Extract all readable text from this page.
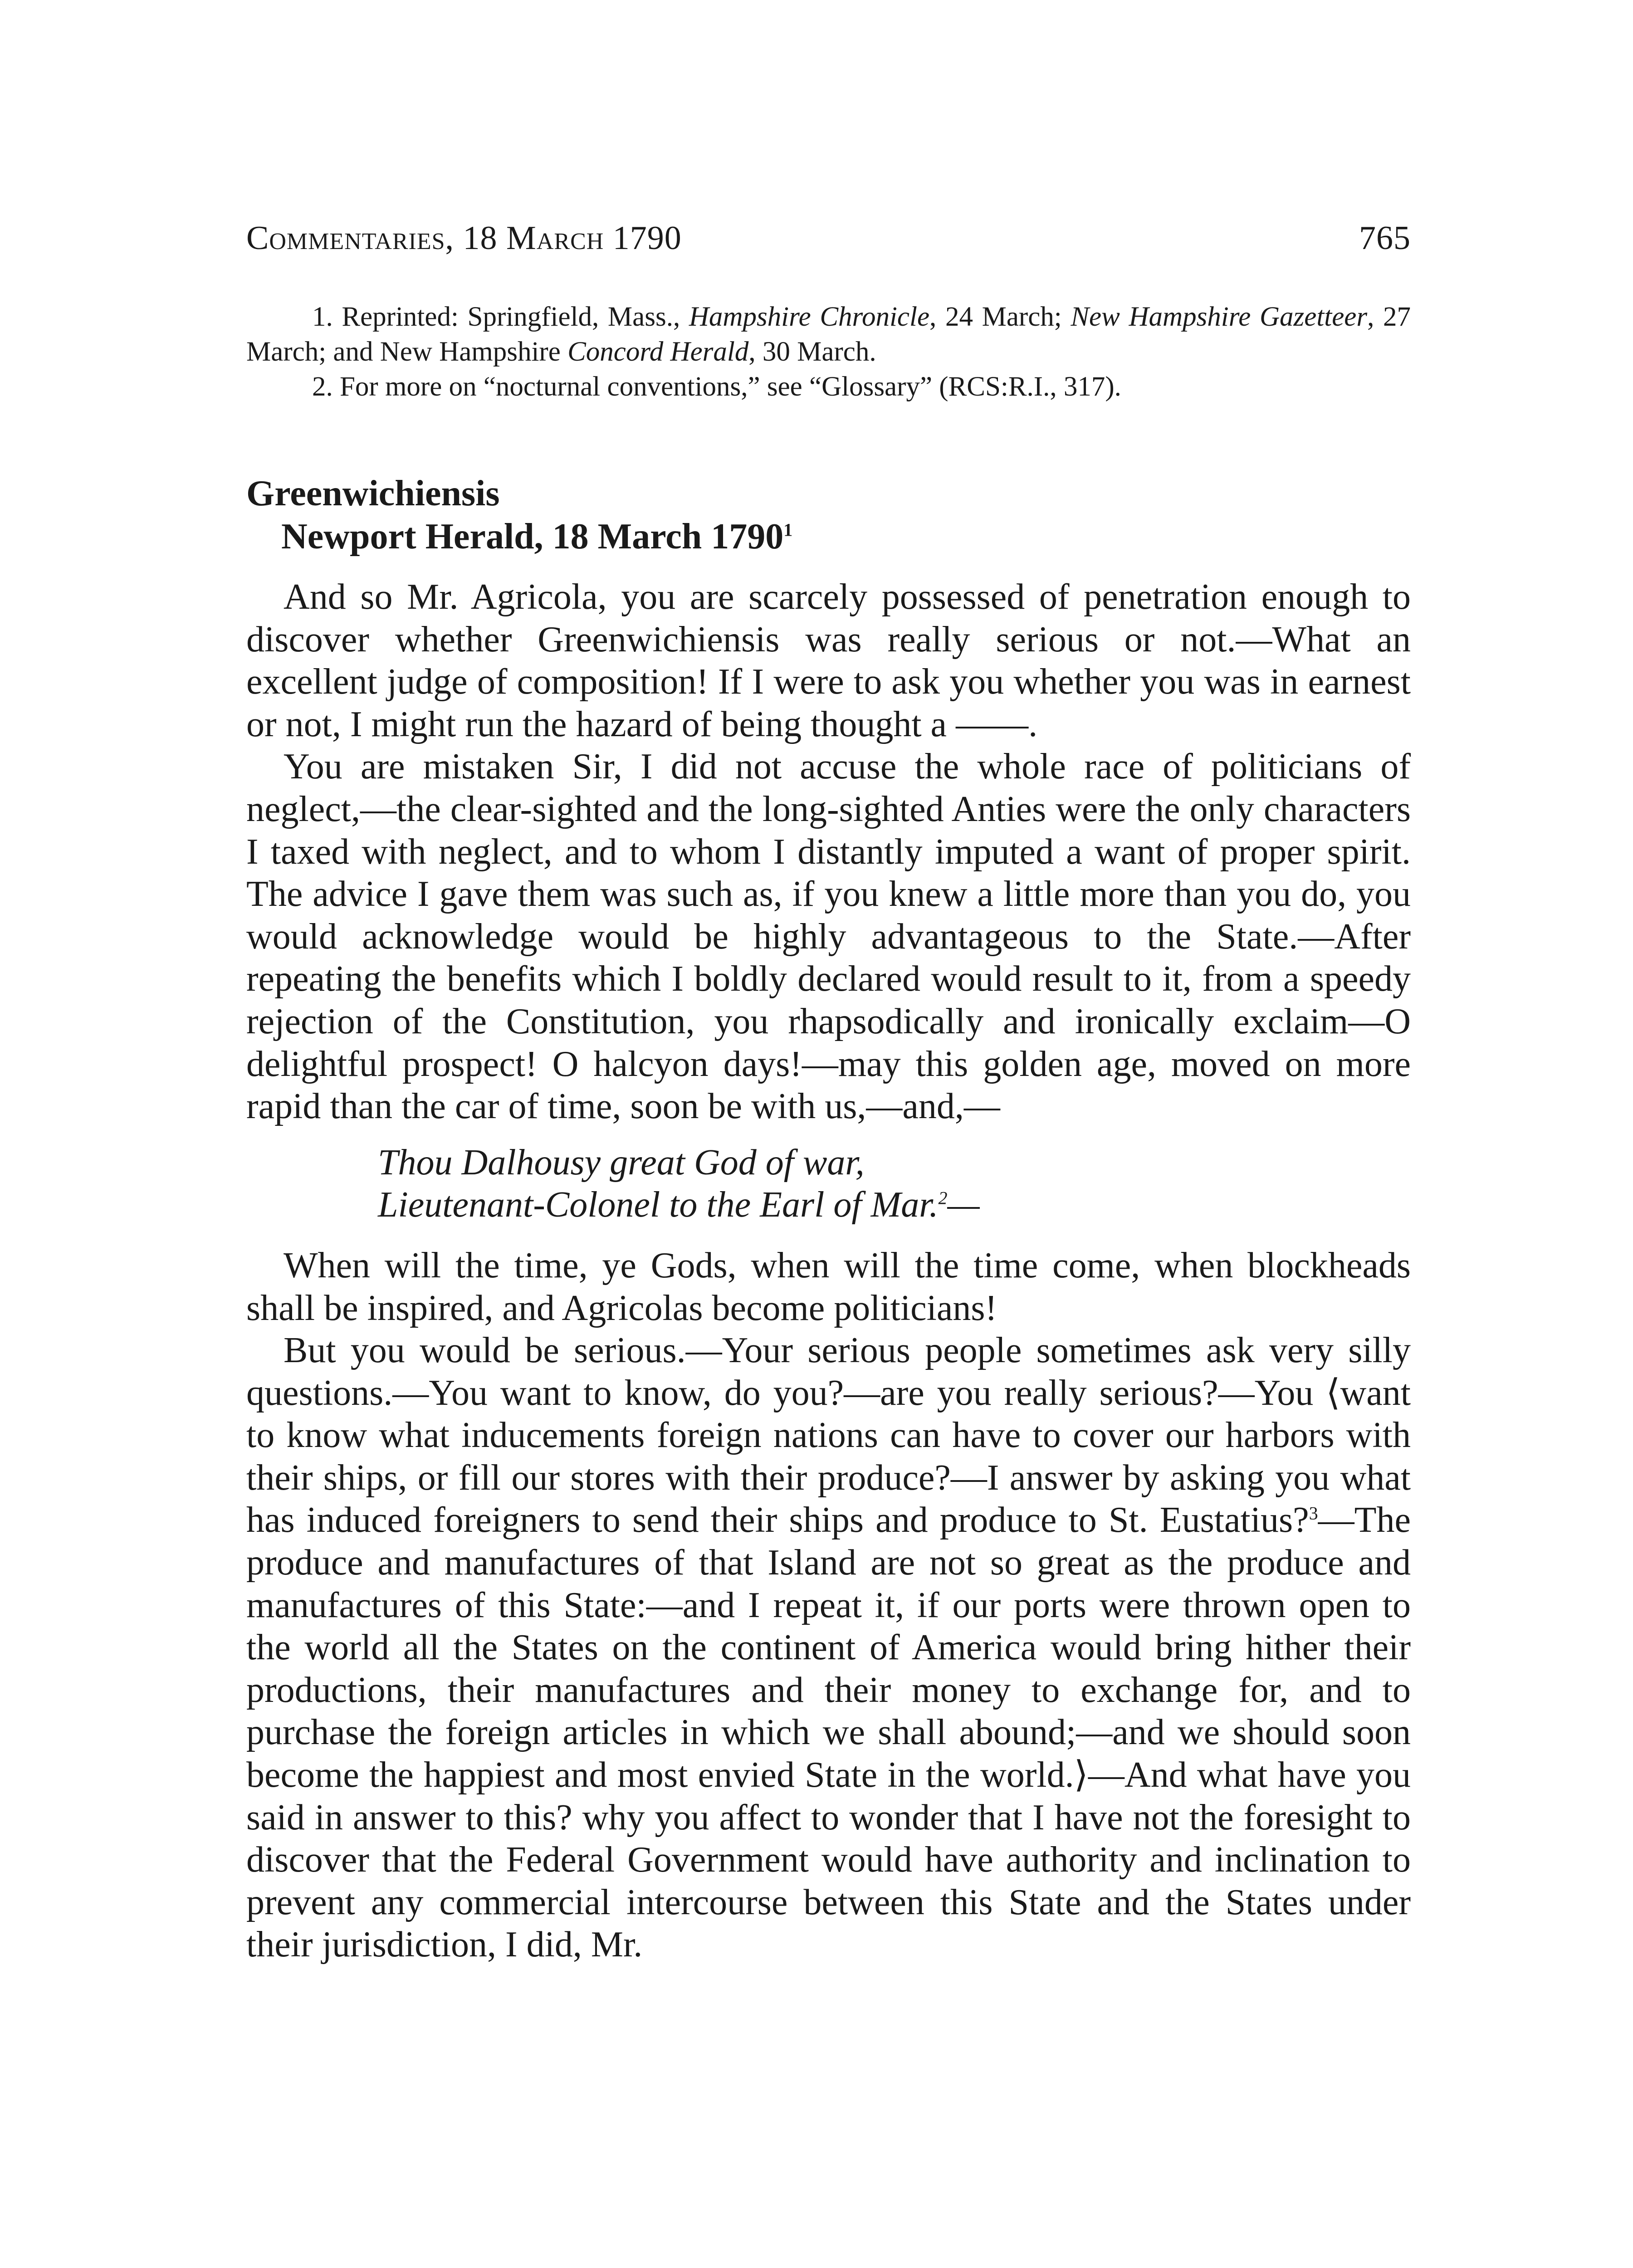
Commentaries, 18 March 1790	765

1. Reprinted: Springfield, Mass., Hampshire Chronicle, 24 March; New Hampshire Gazetteer, 27 March; and New Hampshire Concord Herald, 30 March.

2. For more on “nocturnal conventions,” see “Glossary” (RCS:R.I., 317).

Greenwichiensis
Newport Herald, 18 March 1790$^1$

And so Mr. Agricola, you are scarcely possessed of penetration enough to discover whether Greenwichiensis was really serious or not.—What an excellent judge of composition! If I were to ask you whether you was in earnest or not, I might run the hazard of being thought a ——.

You are mistaken Sir, I did not accuse the whole race of politicians of neglect,—the clear-sighted and the long-sighted Anties were the only characters I taxed with neglect, and to whom I distantly imputed a want of proper spirit. The advice I gave them was such as, if you knew a little more than you do, you would acknowledge would be highly advantageous to the State.—After repeating the benefits which I boldly declared would result to it, from a speedy rejection of the Constitution, you rhapsodically and ironically exclaim—O delightful prospect! O halcyon days!—may this golden age, moved on more rapid than the car of time, soon be with us,—and,—

Thou Dalhousy great God of war,
Lieutenant-Colonel to the Earl of Mar.$^2$—

When will the time, ye Gods, when will the time come, when blockheads shall be inspired, and Agricolas become politicians!

But you would be serious.—Your serious people sometimes ask very silly questions.—You want to know, do you?—are you really serious?—You ⟨want to know what inducements foreign nations can have to cover our harbors with their ships, or fill our stores with their produce?—I answer by asking you what has induced foreigners to send their ships and produce to St. Eustatius?$^3$—The produce and manufactures of that Island are not so great as the produce and manufactures of this State:—and I repeat it, if our ports were thrown open to the world all the States on the continent of America would bring hither their productions, their manufactures and their money to exchange for, and to purchase the foreign articles in which we shall abound;—and we should soon become the happiest and most envied State in the world.⟩—And what have you said in answer to this? why you affect to wonder that I have not the foresight to discover that the Federal Government would have authority and inclination to prevent any commercial intercourse between this State and the States under their jurisdiction, I did, Mr.
